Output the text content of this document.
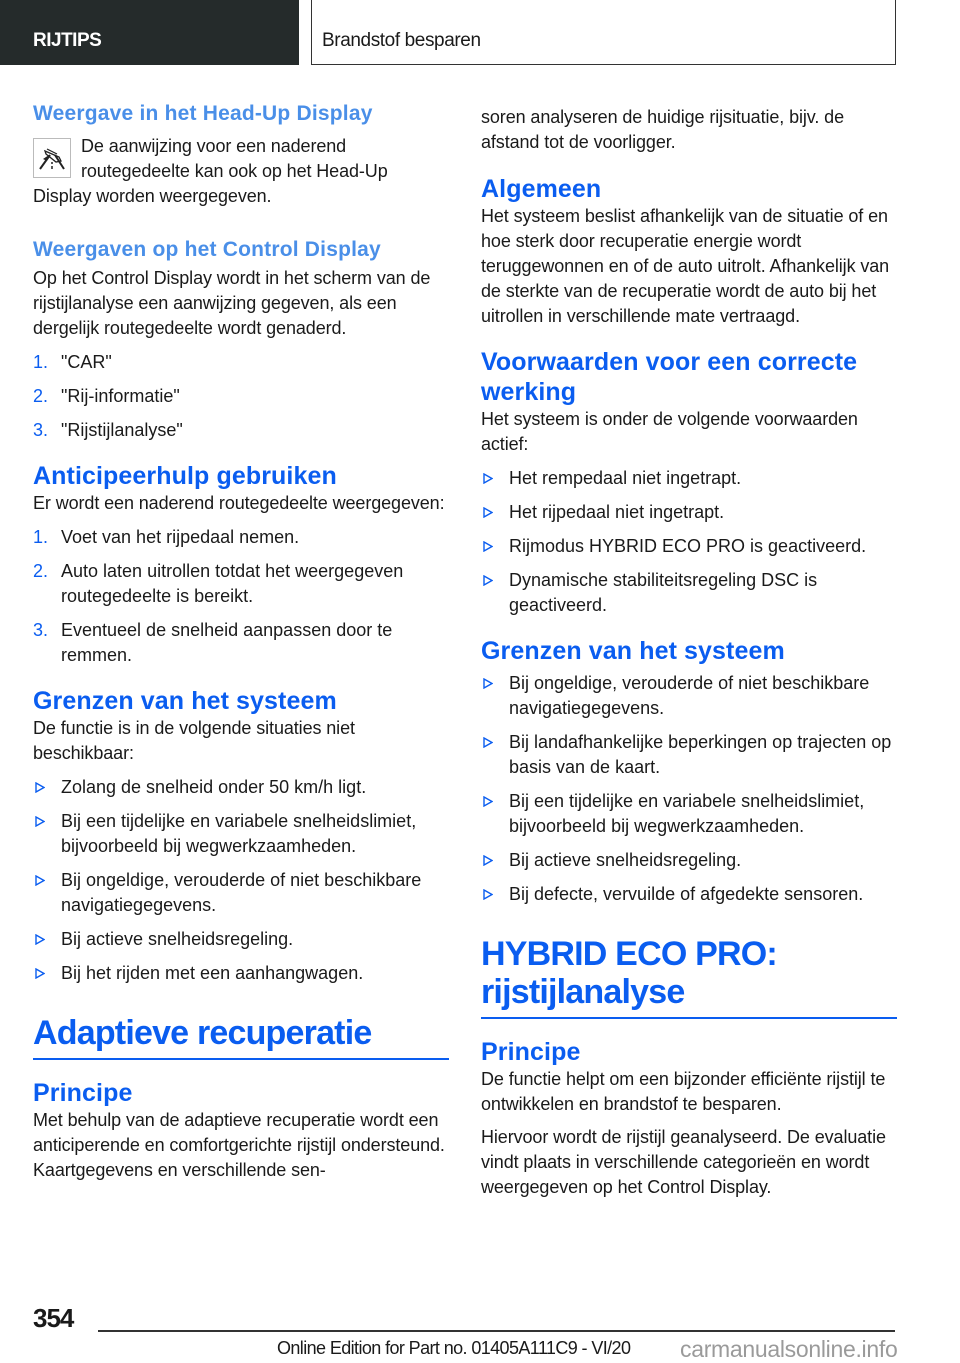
RIJTIPS	Brandstof besparen
Weergave in het Head-Up Display

De aanwijzing voor een naderend routegedeelte kan ook op het Head-Up Display worden weergegeven.

Weergaven op het Control Display

Op het Control Display wordt in het scherm van de rijstijlanalyse een aanwijzing gegeven, als een dergelijk routegedeelte wordt genaderd.

1. "CAR"
2. "Rij-informatie"
3. "Rijstijlanalyse"
Anticipeerhulp gebruiken

Er wordt een naderend routegedeelte weergegeven:

1. Voet van het rijpedaal nemen.
2. Auto laten uitrollen totdat het weergegeven routegedeelte is bereikt.
3. Eventueel de snelheid aanpassen door te remmen.
Grenzen van het systeem

De functie is in de volgende situaties niet beschikbaar:

Zolang de snelheid onder 50 km/h ligt.
Bij een tijdelijke en variabele snelheidslimiet, bijvoorbeeld bij wegwerkzaamheden.
Bij ongeldige, verouderde of niet beschikbare navigatiegegevens.
Bij actieve snelheidsregeling.
Bij het rijden met een aanhangwagen.
Adaptieve recuperatie
Principe

Met behulp van de adaptieve recuperatie wordt een anticiperende en comfortgerichte rijstijl ondersteund. Kaartgegevens en verschillende sen-

soren analyseren de huidige rijsituatie, bijv. de afstand tot de voorligger.

Algemeen

Het systeem beslist afhankelijk van de situatie of en hoe sterk door recuperatie energie wordt teruggewonnen en of de auto uitrolt. Afhankelijk van de sterkte van de recuperatie wordt de auto bij het uitrollen in verschillende mate vertraagd.

Voorwaarden voor een correcte werking

Het systeem is onder de volgende voorwaarden actief:

Het rempedaal niet ingetrapt.
Het rijpedaal niet ingetrapt.
Rijmodus HYBRID ECO PRO is geactiveerd.
Dynamische stabiliteitsregeling DSC is geactiveerd.
Grenzen van het systeem
Bij ongeldige, verouderde of niet beschikbare navigatiegegevens.
Bij landafhankelijke beperkingen op trajecten op basis van de kaart.
Bij een tijdelijke en variabele snelheidslimiet, bijvoorbeeld bij wegwerkzaamheden.
Bij actieve snelheidsregeling.
Bij defecte, vervuilde of afgedekte sensoren.
HYBRID ECO PRO:
rijstijlanalyse
Principe

De functie helpt om een bijzonder efficiënte rijstijl te ontwikkelen en brandstof te besparen.

Hiervoor wordt de rijstijl geanalyseerd. De evaluatie vindt plaats in verschillende categorieën en wordt weergegeven op het Control Display.

354
Online Edition for Part no. 01405A111C9 - VI/20 carmanualsonline.info
